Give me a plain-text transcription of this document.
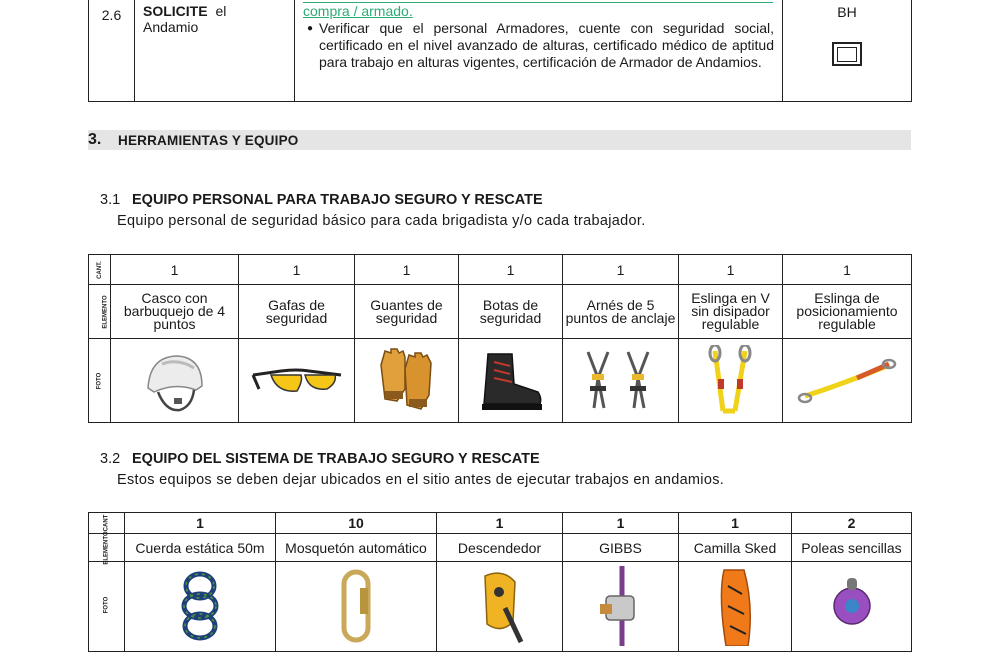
2.6	SOLICITE el
Andamio	
compra / armado.
● Verificar que el personal Armadores, cuente con seguridad social, certificado en el nivel avanzado de alturas, certificado médico de aptitud para trabajo en alturas vigentes, certificación de Armador de Andamios.

BH
3. HERRAMIENTAS Y EQUIPO
3.1 EQUIPO PERSONAL PARA TRABAJO SEGURO Y RESCATE
Equipo personal de seguridad básico para cada brigadista y/o cada trabajador.
CANT.	1	1	1	1	1	1	1
ELEMENTO	Casco con barbuquejo de 4 puntos	Gafas de seguridad	Guantes de seguridad	Botas de seguridad	Arnés de 5 puntos de anclaje	Eslinga en V sin disipador regulable	Eslinga de posicionamiento regulable
FOTO	

3.2 EQUIPO DEL SISTEMA DE TRABAJO SEGURO Y RESCATE
Estos equipos se deben dejar ubicados en el sitio antes de ejecutar trabajos en andamios.
CANT	1	10	1	1	1	2
ELEMENTO	Cuerda estática 50m	Mosquetón automático	Descendedor	GIBBS	Camilla Sked	Poleas sencillas
FOTO	
